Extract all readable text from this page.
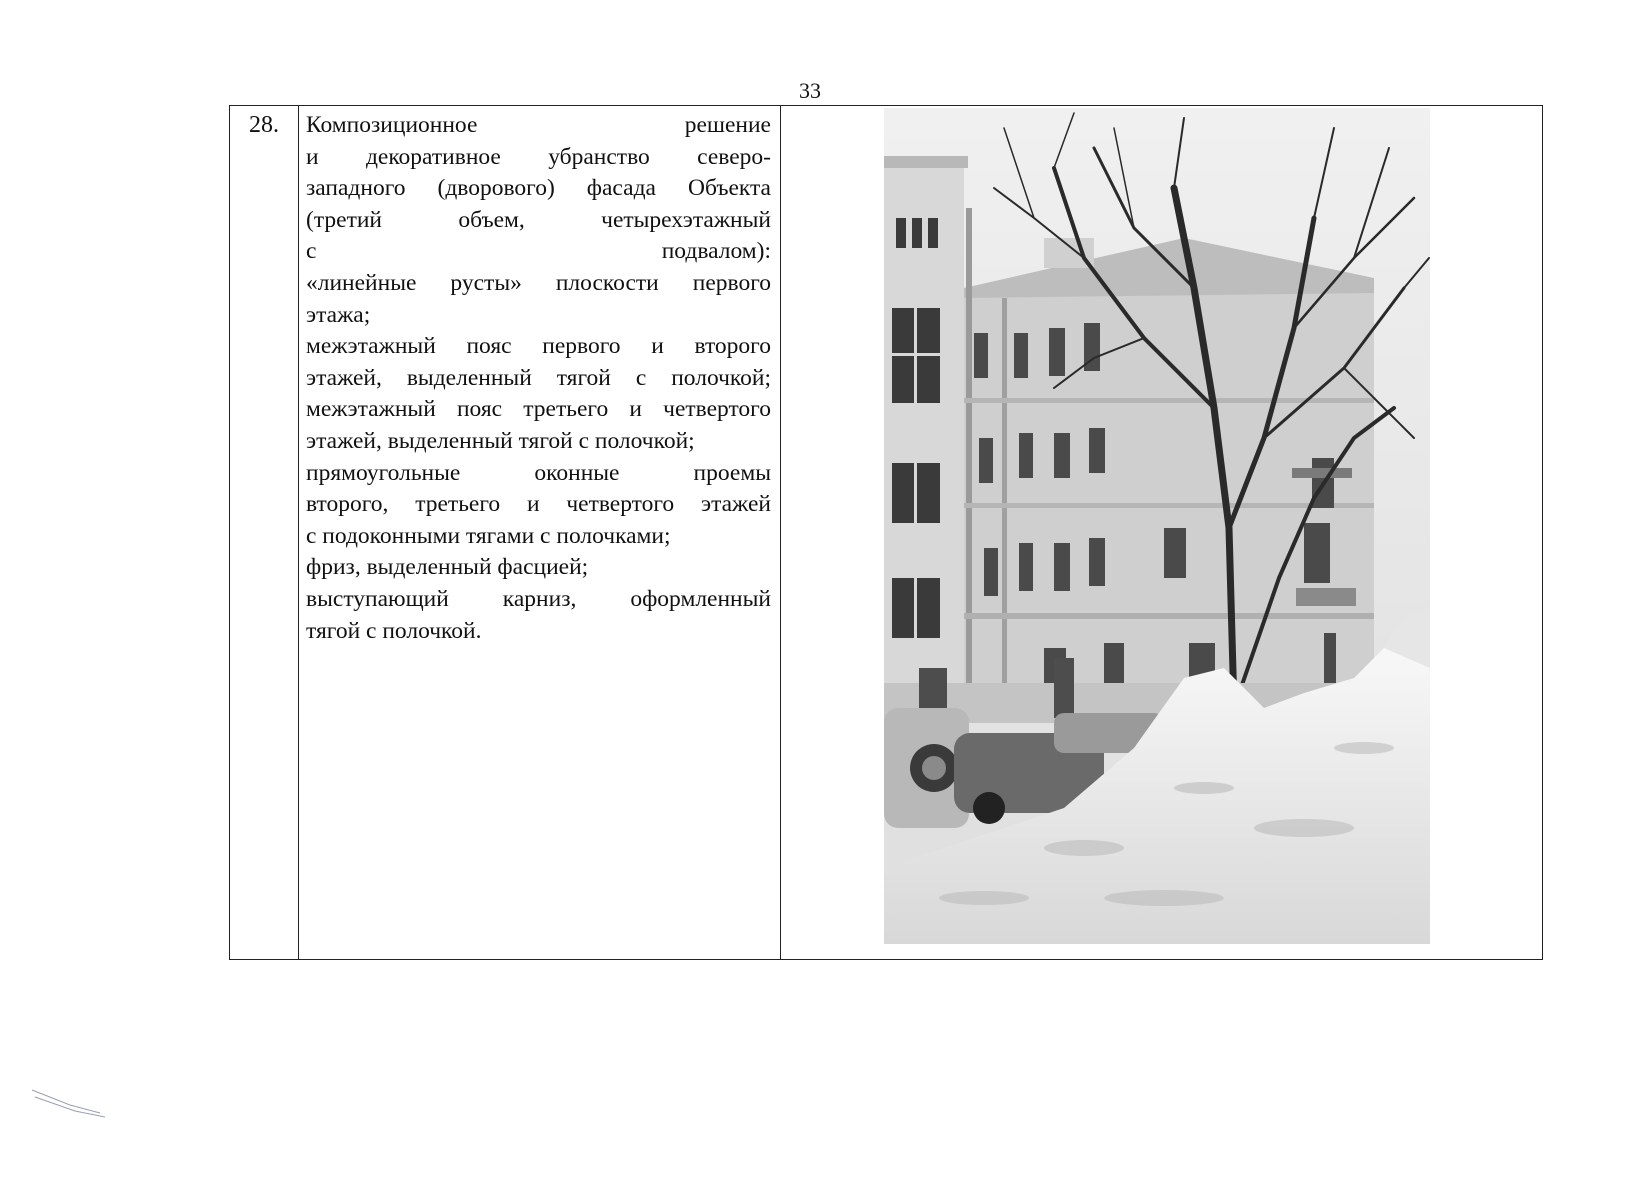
33
28.	Композиционное решение
и декоративное убранство северо-
западного (дворового) фасада Объекта
(третий объем, четырехэтажный
с подвалом):
«линейные русты» плоскости первого
этажа;
межэтажный пояс первого и второго
этажей, выделенный тягой с полочкой;
межэтажный пояс третьего и четвертого
этажей, выделенный тягой с полочкой;
прямоугольные оконные проемы
второго, третьего и четвертого этажей
с подоконными тягами с полочками;
фриз, выделенный фасцией;
выступающий карниз, оформленный
тягой с полочкой.
